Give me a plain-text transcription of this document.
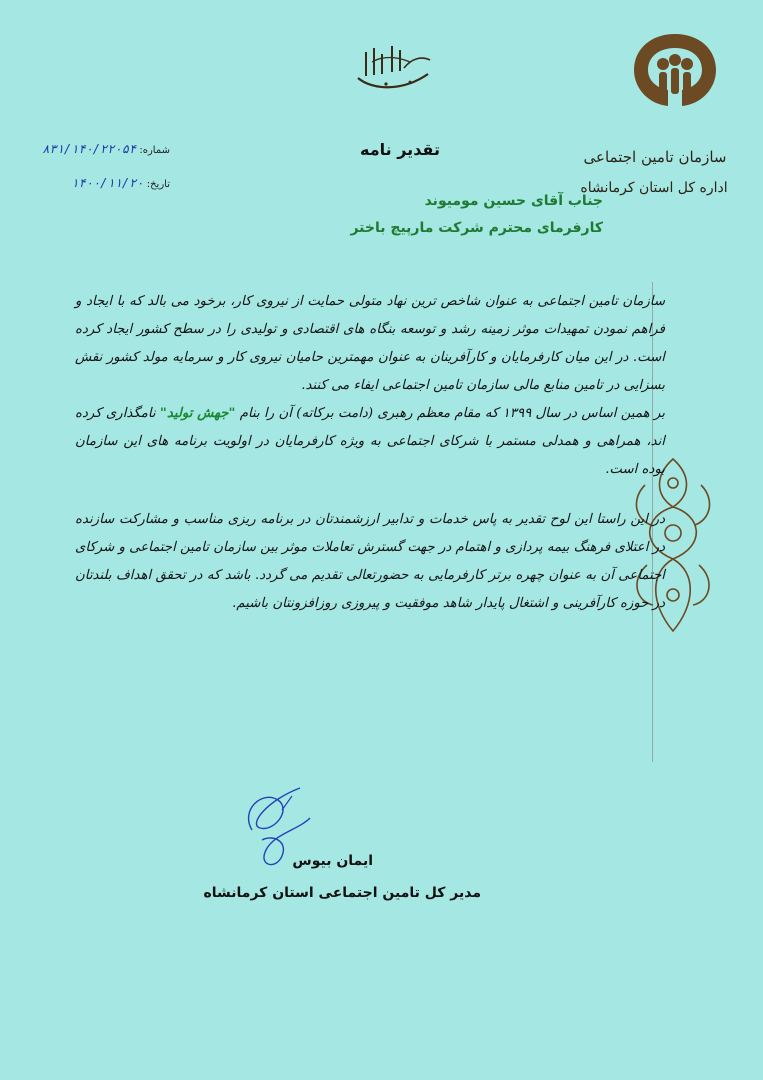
سازمان تامین اجتماعی
اداره کل استان کرمانشاه
تقدیر نامه
شماره: ۸۳۱/۱۴۰/۲۲۰۵۴
تاریخ: ۱۴۰۰/۱۱/۲۰
جناب آقای حسین مومیوند
کارفرمای محترم شرکت مارپیچ باختر

سازمان تامین اجتماعی به عنوان شاخص ترین نهاد متولی حمایت از نیروی کار، برخود می بالد که با ایجاد و فراهم نمودن تمهیدات موثر زمینه رشد و توسعه بنگاه های اقتصادی و تولیدی را در سطح کشور ایجاد کرده است. در این میان کارفرمایان و کارآفرینان به عنوان مهمترین حامیان نیروی کار و سرمایه مولد کشور نقش بسزایی در تامین منابع مالی سازمان تامین اجتماعی ایفاء می کنند.

بر همین اساس در سال ۱۳۹۹ که مقام معظم رهبری (دامت برکاته) آن را بنام "جهش تولید" نامگذاری کرده اند، همراهی و همدلی مستمر با شرکای اجتماعی به ویژه کارفرمایان در اولویت برنامه های این سازمان بوده است.

در این راستا این لوح تقدیر به پاس خدمات و تدابیر ارزشمندتان در برنامه ریزی مناسب و مشارکت سازنده در اعتلای فرهنگ بیمه پردازی و اهتمام در جهت گسترش تعاملات موثر بین سازمان تامین اجتماعی و شرکای اجتماعی آن به عنوان چهره برتر کارفرمایی به حضورتعالی تقدیم می گردد. باشد که در تحقق اهداف بلندتان در حوزه کارآفرینی و اشتغال پایدار شاهد موفقیت و پیروزی روزافزونتان باشیم.

ایمان بیوس
مدیر کل تامین اجتماعی استان کرمانشاه
